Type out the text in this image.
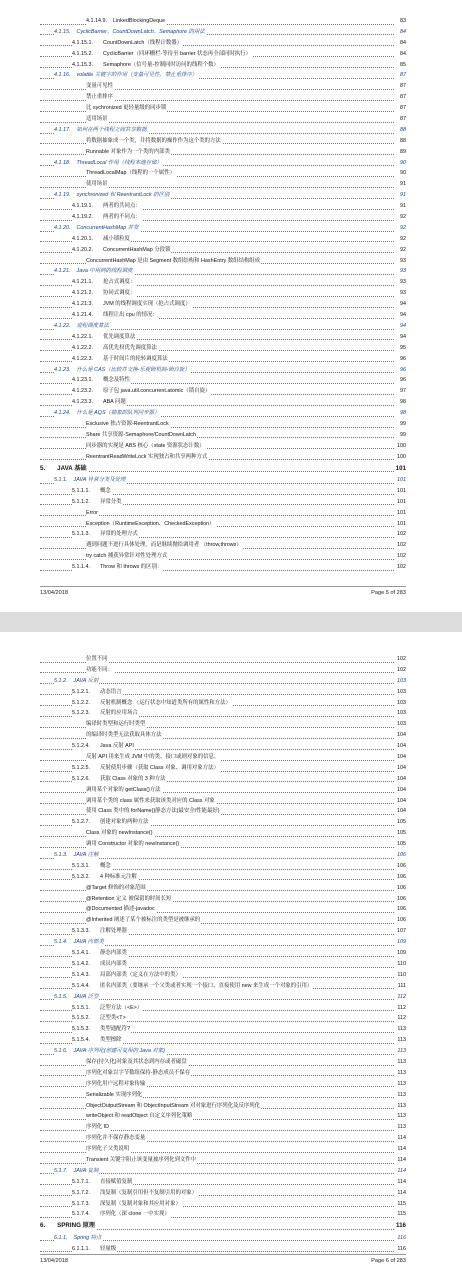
4.1.14.9. LinkedBlockingDeque	83
4.1.15. CyclicBarrier、CountDownLatch、Semaphore 的用法	84
4.1.15.1. CountDownLatch（线程计数器）	84
4.1.15.2. CyclicBarrier（回环栅栏-等待至 barrier 状态再全部同时执行）	84
4.1.15.3. Semaphore（信号量-控制同时访问的线程个数）	85
4.1.16. volatile 关键字的作用（变量可见性、禁止重排序）	87
变量可见性	87
禁止重排序	87
比 sychronized 更轻量级的同步锁	87
适用场景	87
4.1.17. 如何在两个线程之间共享数据	88
将数据抽象成一个类，并将数据的操作作为这个类的方法	88
Runnable 对象作为一个类的内部类	89
4.1.18. ThreadLocal 作用（线程本地存储）	90
ThreadLocalMap（线程的一个属性）	90
使用场景	91
4.1.19. synchronized 和 ReentrantLock 的区别	91
4.1.19.1. 两者的共同点：	91
4.1.19.2. 两者的不同点：	92
4.1.20. ConcurrentHashMap 并发	92
4.1.20.1. 减小锁粒度	92
4.1.20.2. ConcurrentHashMap 分段锁	92
ConcurrentHashMap 是由 Segment 数组结构和 HashEntry 数组结构组成	93
4.1.21. Java 中用到的线程调度	93
4.1.21.1. 抢占式调度：	93
4.1.21.2. 协同式调度：	93
4.1.21.3. JVM 的线程调度实现（抢占式调度）	94
4.1.21.4. 线程让出 cpu 的情况：	94
4.1.22. 进程调度算法	94
4.1.22.1. 优先调度算法	94
4.1.22.2. 高优先权优先调度算法	95
4.1.22.3. 基于时间片的轮转调度算法	96
4.1.23. 什么是 CAS（比较并交换-乐观锁机制-锁自旋）	96
4.1.23.1. 概念及特性	96
4.1.23.2. 原子包 java.util.concurrent.atomic（锁自旋）	97
4.1.23.3. ABA 问题	98
4.1.24. 什么是 AQS（抽象的队列同步器）	98
Exclusive 独占资源-ReentrantLock	99
Share 共享资源-Semaphore/CountDownLatch	99
同步器的实现是 ABS 核心（state 资源状态计数）	100
ReentrantReadWriteLock 实现独占和共享两种方式	100
5. JAVA 基础	101
5.1.1. JAVA 异常分类及处理	101
5.1.1.1. 概念	101
5.1.1.2. 异常分类	101
Error	101
Exception（RuntimeException、CheckedException）	101
5.1.1.3. 异常的处理方式	102
遇到问题不进行具体处理，而是继续抛给调用者 （throw,throws）	102
try catch 捕获异常针对性处理方式	102
5.1.1.4. Throw 和 throws 的区别：	102
13/04/2018	Page 5 of 283
位置不同	102
功能不同：	102
5.1.2. JAVA 反射	103
5.1.2.1. 动态语言	103
5.1.2.2. 反射机制概念 （运行状态中知道类所有的属性和方法）	103
5.1.2.3. 反射的应用场合	103
编译时类型和运行时类型	103
的编译时类型无法获取具体方法	104
5.1.2.4. Java 反射 API	104
反射 API 用来生成 JVM 中的类、接口或则对象的信息。	104
5.1.2.5. 反射使用步骤（获取 Class 对象、调用对象方法）	104
5.1.2.6. 获取 Class 对象的 3 种方法	104
调用某个对象的 getClass()方法	104
调用某个类的 class 属性来获取该类对应的 Class 对象	104
使用 Class 类中的 forName()静态方法(最安全/性能最好)	104
5.1.2.7. 创建对象的两种方法	105
Class 对象的 newInstance()	105
调用 Constructor 对象的 newInstance()	105
5.1.3. JAVA 注解	106
5.1.3.1. 概念	106
5.1.3.2. 4 种标准元注解	106
@Target 修饰的对象范围	106
@Retention 定义 被保留的时间长短	106
@Documented 描述-javadoc	106
@Inherited 阐述了某个被标注的类型是被继承的	106
5.1.3.3. 注解处理器	107
5.1.4. JAVA 内部类	109
5.1.4.1. 静态内部类	109
5.1.4.2. 成员内部类	110
5.1.4.3. 局部内部类（定义在方法中的类）	110
5.1.4.4. 匿名内部类（要继承一个父类或者实现一个接口、直接使用 new 来生成一个对象的引用）	111
5.1.5. JAVA 泛型	112
5.1.5.1. 泛型方法（<E>）	112
5.1.5.2. 泛型类<T>	112
5.1.5.3. 类型通配符?	113
5.1.5.4. 类型擦除	113
5.1.6. JAVA 序列化(创建可复用的 Java 对象)	113
保存(持久化)对象及其状态到内存或者磁盘	113
序列化对象以字节数组保持-静态成员不保存	113
序列化用户远程对象传输	113
Serializable 实现序列化	113
ObjectOutputStream 和 ObjectInputStream 对对象进行序列化及反序列化	113
writeObject 和 readObject 自定义序列化策略	113
序列化 ID	113
序列化并不保存静态变量	114
序列化子父类说明	114
Transient 关键字阻止该变量被序列化到文件中	114
5.1.7. JAVA 复制	114
5.1.7.1. 直接赋值复制	114
5.1.7.2. 浅复制（复制引用但不复制引用的对象）	114
5.1.7.3. 深复制（复制对象和其应用对象）	115
5.1.7.4. 序列化（深 clone 一中实现）	115
6. SPRING 原理	116
6.1.1. Spring 特点	116
6.1.1.1. 轻量级	116
13/04/2018	Page 6 of 283
